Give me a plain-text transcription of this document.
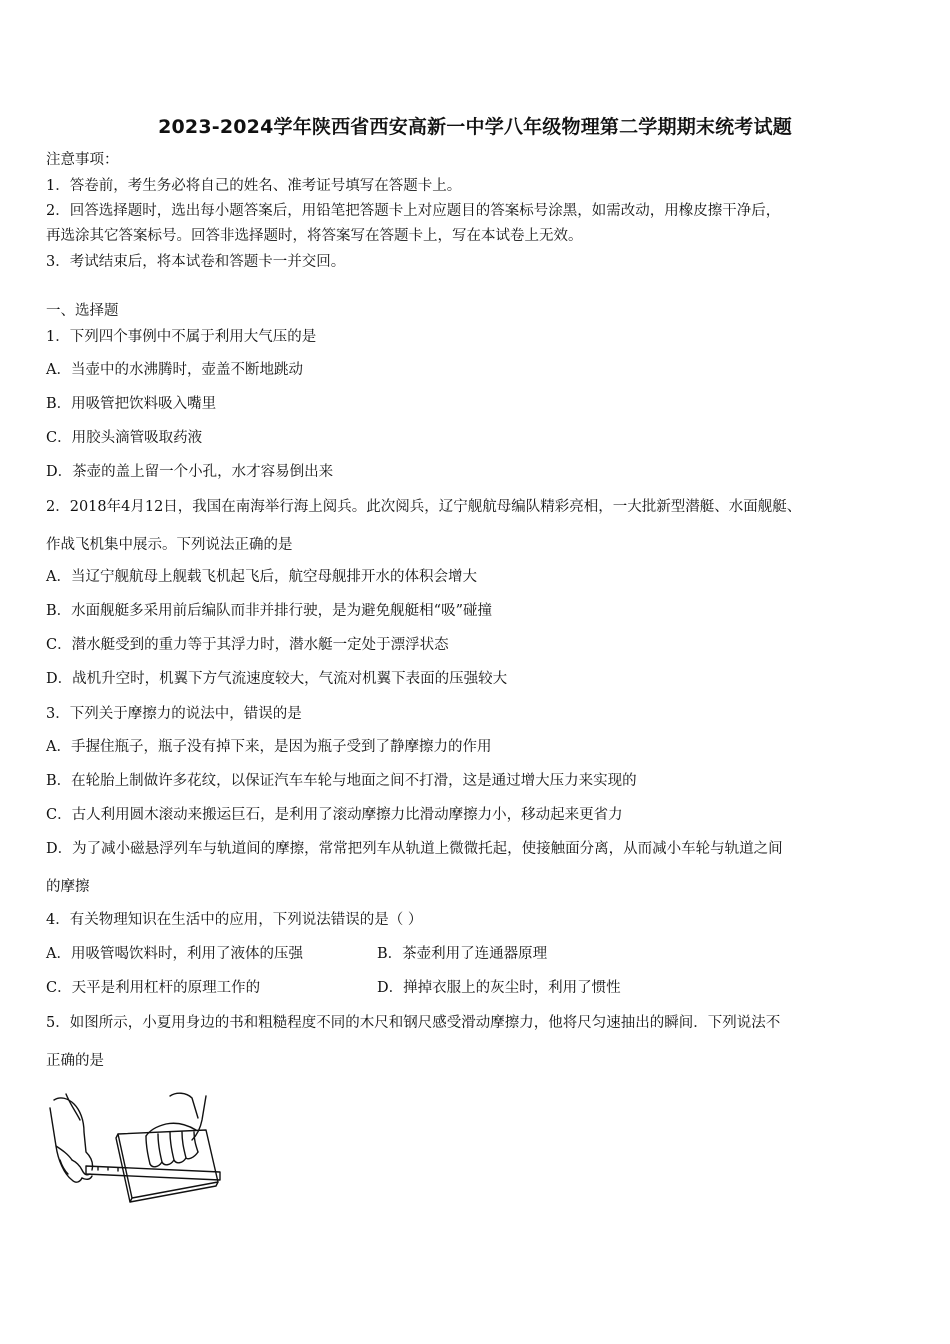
2023-2024学年陕西省西安高新一中学八年级物理第二学期期末统考试题
注意事项：
1．答卷前，考生务必将自己的姓名、准考证号填写在答题卡上。
2．回答选择题时，选出每小题答案后，用铅笔把答题卡上对应题目的答案标号涂黑，如需改动，用橡皮擦干净后，
再选涂其它答案标号。回答非选择题时，将答案写在答题卡上，写在本试卷上无效。
3．考试结束后，将本试卷和答题卡一并交回。
一、选择题
1．下列四个事例中不属于利用大气压的是
A．当壶中的水沸腾时，壶盖不断地跳动
B．用吸管把饮料吸入嘴里
C．用胶头滴管吸取药液
D．茶壶的盖上留一个小孔，水才容易倒出来
2．2018年4月12日，我国在南海举行海上阅兵。此次阅兵，辽宁舰航母编队精彩亮相，一大批新型潜艇、水面舰艇、
作战飞机集中展示。下列说法正确的是
A．当辽宁舰航母上舰载飞机起飞后，航空母舰排开水的体积会增大
B．水面舰艇多采用前后编队而非并排行驶，是为避免舰艇相“吸”碰撞
C．潜水艇受到的重力等于其浮力时，潜水艇一定处于漂浮状态
D．战机升空时，机翼下方气流速度较大，气流对机翼下表面的压强较大
3．下列关于摩擦力的说法中，错误的是
A．手握住瓶子，瓶子没有掉下来，是因为瓶子受到了静摩擦力的作用
B．在轮胎上制做许多花纹，以保证汽车车轮与地面之间不打滑，这是通过增大压力来实现的
C．古人利用圆木滚动来搬运巨石，是利用了滚动摩擦力比滑动摩擦力小，移动起来更省力
D．为了减小磁悬浮列车与轨道间的摩擦，常常把列车从轨道上微微托起，使接触面分离，从而减小车轮与轨道之间
的摩擦
4．有关物理知识在生活中的应用，下列说法错误的是（ ）
A．用吸管喝饮料时，利用了液体的压强	B．茶壶利用了连通器原理
C．天平是利用杠杆的原理工作的	D．掸掉衣服上的灰尘时，利用了惯性
5．如图所示，小夏用身边的书和粗糙程度不同的木尺和钢尺感受滑动摩擦力，他将尺匀速抽出的瞬间．下列说法不
正确的是
